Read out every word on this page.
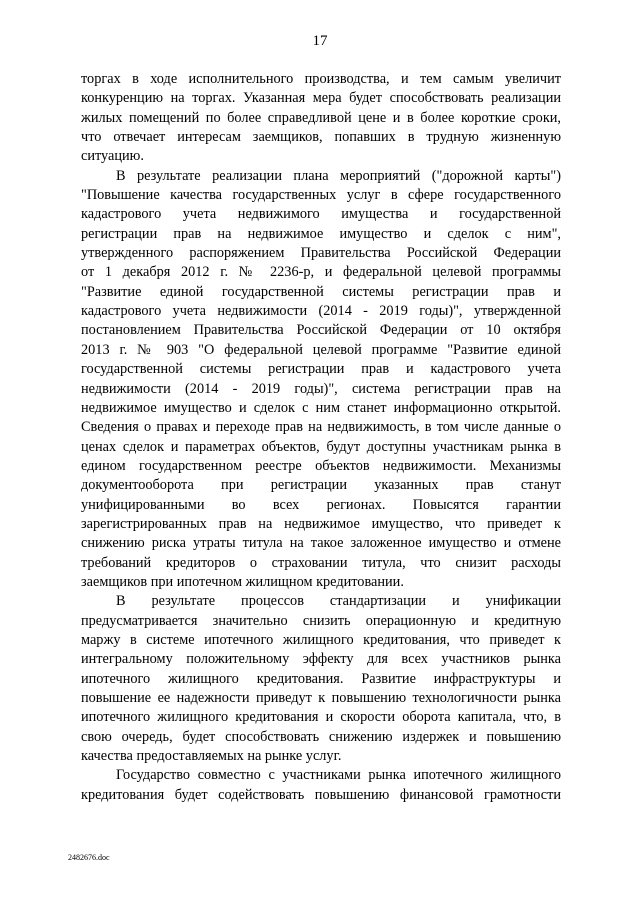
17
торгах в ходе исполнительного производства, и тем самым увеличит
конкуренцию на торгах. Указанная мера будет способствовать реализации
жилых помещений по более справедливой цене и в более короткие сроки,
что отвечает интересам заемщиков, попавших в трудную жизненную
ситуацию.
В результате реализации плана мероприятий ("дорожной карты")
"Повышение качества государственных услуг в сфере государственного
кадастрового учета недвижимого имущества и государственной
регистрации прав на недвижимое имущество и сделок с ним",
утвержденного распоряжением Правительства Российской Федерации
от 1 декабря 2012 г. № 2236-р, и федеральной целевой программы
"Развитие единой государственной системы регистрации прав и
кадастрового учета недвижимости (2014 - 2019 годы)", утвержденной
постановлением Правительства Российской Федерации от 10 октября
2013 г. № 903 "О федеральной целевой программе "Развитие единой
государственной системы регистрации прав и кадастрового учета
недвижимости (2014 - 2019 годы)", система регистрации прав на
недвижимое имущество и сделок с ним станет информационно открытой.
Сведения о правах и переходе прав на недвижимость, в том числе данные о
ценах сделок и параметрах объектов, будут доступны участникам рынка в
едином государственном реестре объектов недвижимости. Механизмы
документооборота при регистрации указанных прав станут
унифицированными во всех регионах. Повысятся гарантии
зарегистрированных прав на недвижимое имущество, что приведет к
снижению риска утраты титула на такое заложенное имущество и отмене
требований кредиторов о страховании титула, что снизит расходы
заемщиков при ипотечном жилищном кредитовании.
В результате процессов стандартизации и унификации
предусматривается значительно снизить операционную и кредитную
маржу в системе ипотечного жилищного кредитования, что приведет к
интегральному положительному эффекту для всех участников рынка
ипотечного жилищного кредитования. Развитие инфраструктуры и
повышение ее надежности приведут к повышению технологичности рынка
ипотечного жилищного кредитования и скорости оборота капитала, что, в
свою очередь, будет способствовать снижению издержек и повышению
качества предоставляемых на рынке услуг.
Государство совместно с участниками рынка ипотечного жилищного
кредитования будет содействовать повышению финансовой грамотности
2482676.doc
